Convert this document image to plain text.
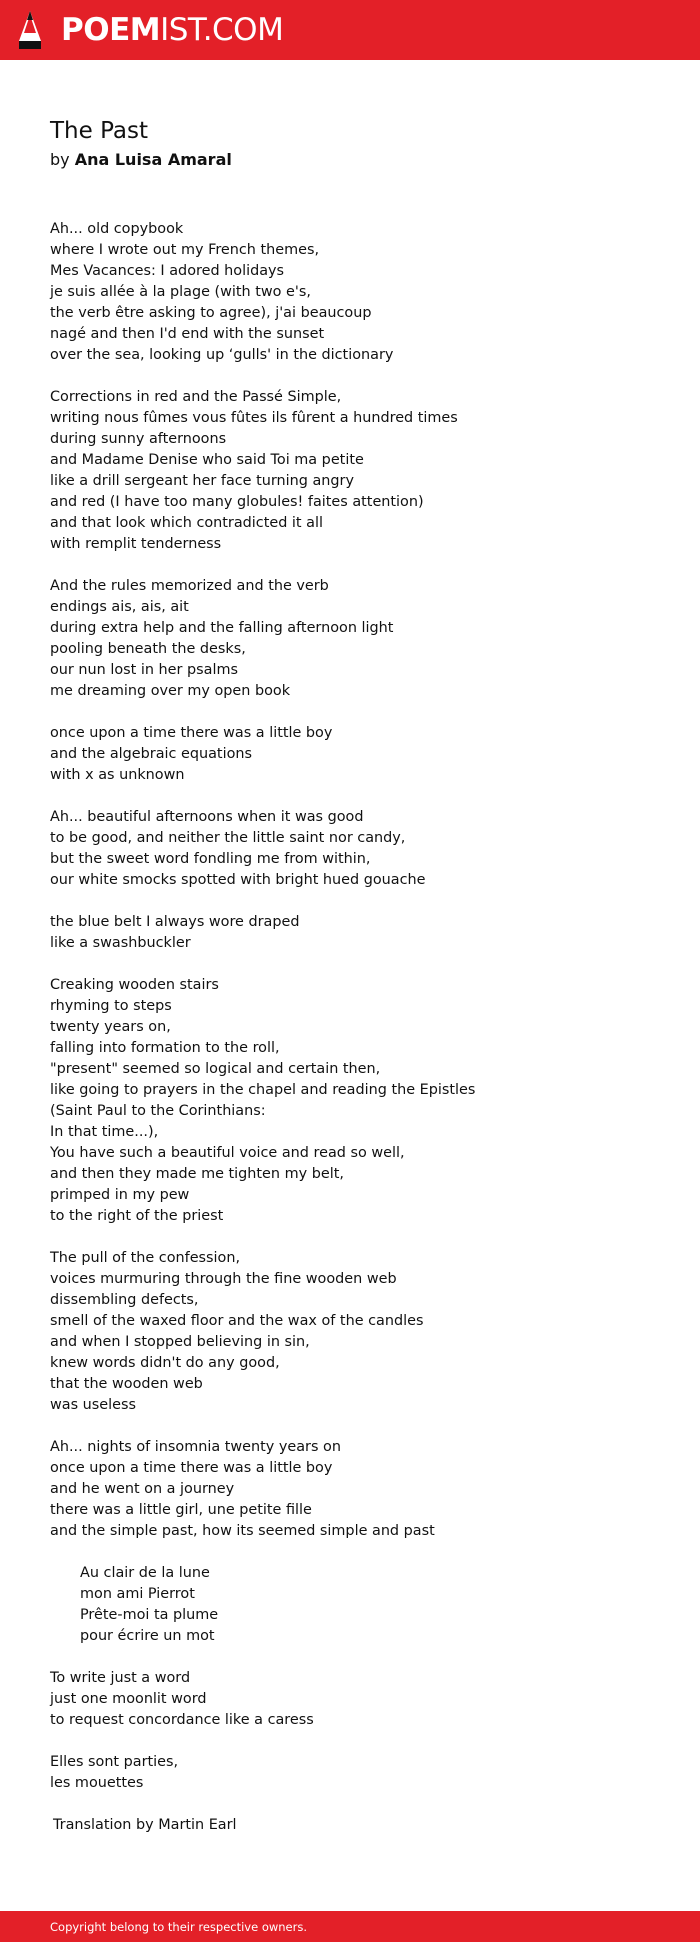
POEMIST.COM
The Past
by Ana Luisa Amaral
Ah... old copybook
where I wrote out my French themes,
Mes Vacances: I adored holidays
je suis allée à la plage (with two e's,
the verb être asking to agree), j'ai beaucoup
nagé and then I'd end with the sunset
over the sea, looking up ‘gulls' in the dictionary
Corrections in red and the Passé Simple,
writing nous fûmes vous fûtes ils fûrent a hundred times
during sunny afternoons
and Madame Denise who said Toi ma petite
like a drill sergeant her face turning angry
and red (I have too many globules! faites attention)
and that look which contradicted it all
with remplit tenderness
And the rules memorized and the verb
endings ais, ais, ait
during extra help and the falling afternoon light
pooling beneath the desks,
our nun lost in her psalms
me dreaming over my open book
once upon a time there was a little boy
and the algebraic equations
with x as unknown
Ah... beautiful afternoons when it was good
to be good, and neither the little saint nor candy,
but the sweet word fondling me from within,
our white smocks spotted with bright hued gouache
the blue belt I always wore draped
like a swashbuckler
Creaking wooden stairs
rhyming to steps
twenty years on,
falling into formation to the roll,
"present" seemed so logical and certain then,
like going to prayers in the chapel and reading the Epistles
(Saint Paul to the Corinthians:
In that time...),
You have such a beautiful voice and read so well,
and then they made me tighten my belt,
primped in my pew
to the right of the priest
The pull of the confession,
voices murmuring through the fine wooden web
dissembling defects,
smell of the waxed floor and the wax of the candles
and when I stopped believing in sin,
knew words didn't do any good,
that the wooden web
was useless
Ah... nights of insomnia twenty years on
once upon a time there was a little boy
and he went on a journey
there was a little girl, une petite fille
and the simple past, how its seemed simple and past
Au clair de la lune
mon ami Pierrot
Prête-moi ta plume
pour écrire un mot
To write just a word
just one moonlit word
to request concordance like a caress
Elles sont parties,
les mouettes
Translation by Martin Earl
Copyright belong to their respective owners.
